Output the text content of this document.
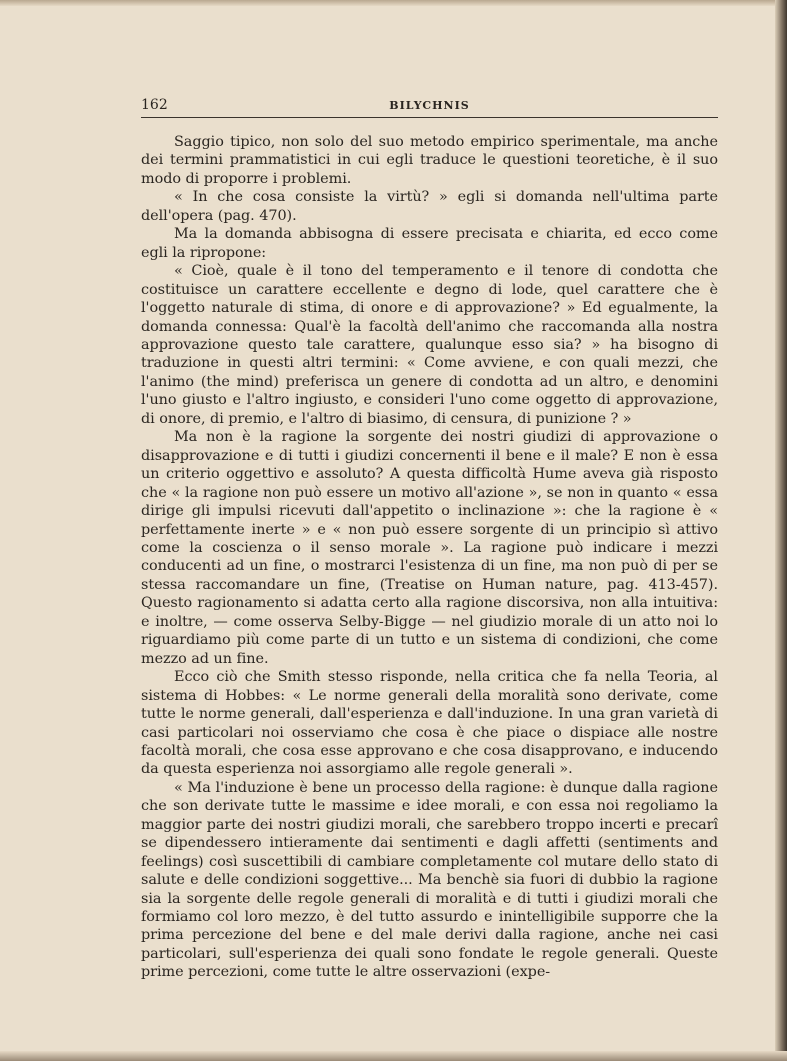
162	BILYCHNIS

Saggio tipico, non solo del suo metodo empirico sperimentale, ma anche dei termini prammatistici in cui egli traduce le questioni teoretiche, è il suo modo di proporre i problemi.

« In che cosa consiste la virtù? » egli si domanda nell'ultima parte dell'opera (pag. 470).

Ma la domanda abbisogna di essere precisata e chiarita, ed ecco come egli la ripropone:

« Cioè, quale è il tono del temperamento e il tenore di condotta che costituisce un carattere eccellente e degno di lode, quel carattere che è l'oggetto naturale di stima, di onore e di approvazione? » Ed egualmente, la domanda connessa: Qual'è la facoltà dell'animo che raccomanda alla nostra approvazione questo tale carattere, qualunque esso sia? » ha bisogno di traduzione in questi altri termini: « Come avviene, e con quali mezzi, che l'animo (the mind) preferisca un genere di condotta ad un altro, e denomini l'uno giusto e l'altro ingiusto, e consideri l'uno come oggetto di approvazione, di onore, di premio, e l'altro di biasimo, di censura, di punizione ? »

Ma non è la ragione la sorgente dei nostri giudizi di approvazione o disapprovazione e di tutti i giudizi concernenti il bene e il male? E non è essa un criterio oggettivo e assoluto? A questa difficoltà Hume aveva già risposto che « la ragione non può essere un motivo all'azione », se non in quanto « essa dirige gli impulsi ricevuti dall'appetito o inclinazione »: che la ragione è « perfettamente inerte » e « non può essere sorgente di un principio sì attivo come la coscienza o il senso morale ». La ragione può indicare i mezzi conducenti ad un fine, o mostrarci l'esistenza di un fine, ma non può di per se stessa raccomandare un fine, (Treatise on Human nature, pag. 413-457). Questo ragionamento si adatta certo alla ragione discorsiva, non alla intuitiva: e inoltre, — come osserva Selby-Bigge — nel giudizio morale di un atto noi lo riguardiamo più come parte di un tutto e un sistema di condizioni, che come mezzo ad un fine.

Ecco ciò che Smith stesso risponde, nella critica che fa nella Teoria, al sistema di Hobbes: « Le norme generali della moralità sono derivate, come tutte le norme generali, dall'esperienza e dall'induzione. In una gran varietà di casi particolari noi osserviamo che cosa è che piace o dispiace alle nostre facoltà morali, che cosa esse approvano e che cosa disapprovano, e inducendo da questa esperienza noi assorgiamo alle regole generali ».

« Ma l'induzione è bene un processo della ragione: è dunque dalla ragione che son derivate tutte le massime e idee morali, e con essa noi regoliamo la maggior parte dei nostri giudizi morali, che sarebbero troppo incerti e precarî se dipendessero intieramente dai sentimenti e dagli affetti (sentiments and feelings) così suscettibili di cambiare completamente col mutare dello stato di salute e delle condizioni soggettive... Ma benchè sia fuori di dubbio la ragione sia la sorgente delle regole generali di moralità e di tutti i giudizi morali che formiamo col loro mezzo, è del tutto assurdo e inintelligibile supporre che la prima percezione del bene e del male derivi dalla ragione, anche nei casi particolari, sull'esperienza dei quali sono fondate le regole generali. Queste prime percezioni, come tutte le altre osservazioni (expe-
